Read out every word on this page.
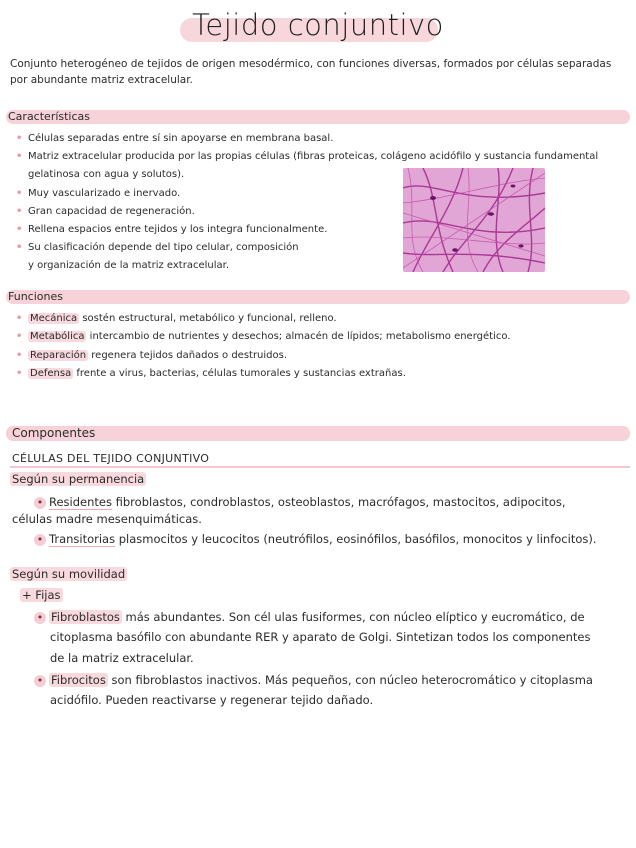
Tejido conjuntivo
Conjunto heterogéneo de tejidos de origen mesodérmico, con funciones diversas, formados por células separadas por abundante matriz extracelular.
Características
• Células separadas entre sí sin apoyarse en membrana basal.
• Matriz extracelular producida por las propias células (fibras proteicas, colágeno acidófilo y sustancia fundamental
gelatinosa con agua y solutos).
• Muy vascularizado e inervado.
• Gran capacidad de regeneración.
• Rellena espacios entre tejidos y los integra funcionalmente.
• Su clasificación depende del tipo celular, composición
y organización de la matriz extracelular.
Funciones
• Mecánica sostén estructural, metabólico y funcional, relleno.
• Metabólica intercambio de nutrientes y desechos; almacén de lípidos; metabolismo energético.
• Reparación regenera tejidos dañados o destruidos.
• Defensa frente a virus, bacterias, células tumorales y sustancias extrañas.
Componentes
CÉLULAS DEL TEJIDO CONJUNTIVO
Según su permanencia
• Residentes fibroblastos, condroblastos, osteoblastos, macrófagos, mastocitos, adipocitos,
células madre mesenquimáticas.
• Transitorias plasmocitos y leucocitos (neutrófilos, eosinófilos, basófilos, monocitos y linfocitos).
Según su movilidad
+ Fijas
• Fibroblastos más abundantes. Son cél ulas fusiformes, con núcleo elíptico y eucromático, de
citoplasma basófilo con abundante RER y aparato de Golgi. Sintetizan todos los componentes
de la matriz extracelular.
• Fibrocitos son fibroblastos inactivos. Más pequeños, con núcleo heterocromático y citoplasma
acidófilo. Pueden reactivarse y regenerar tejido dañado.
